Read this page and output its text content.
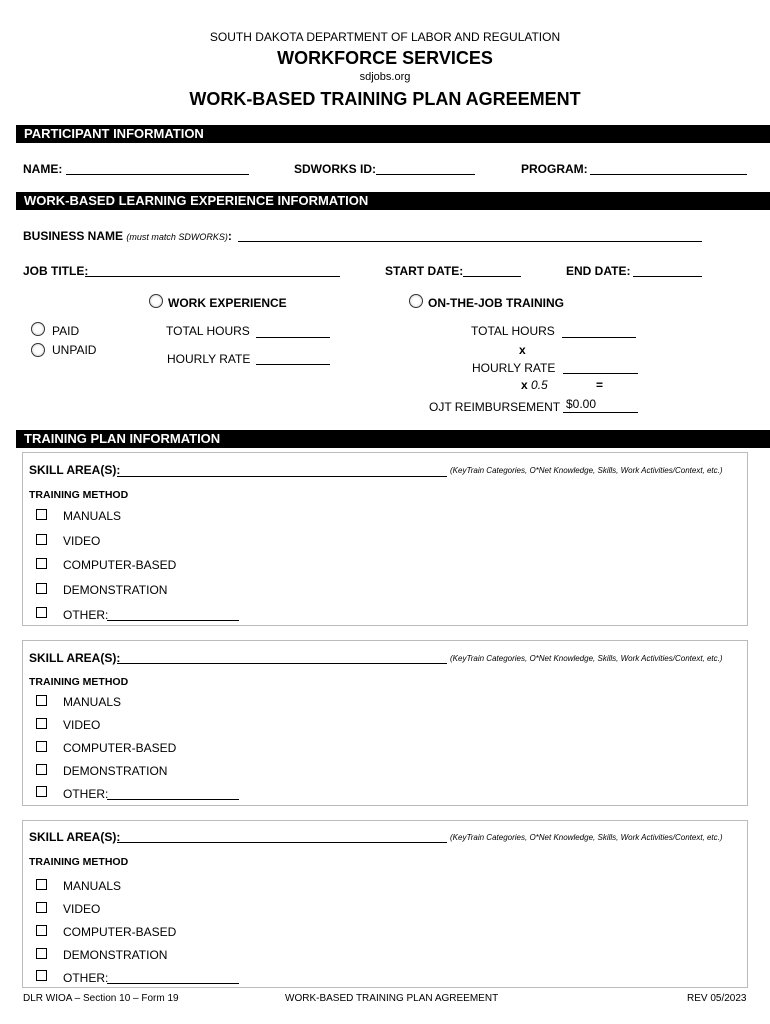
SOUTH DAKOTA DEPARTMENT OF LABOR AND REGULATION
WORKFORCE SERVICES
sdjobs.org
WORK-BASED TRAINING PLAN AGREEMENT
PARTICIPANT INFORMATION
NAME:	SDWORKS ID:	PROGRAM:
WORK-BASED LEARNING EXPERIENCE INFORMATION
BUSINESS NAME (must match SDWORKS):
JOB TITLE:	START DATE:	END DATE:
WORK EXPERIENCE	ON-THE-JOB TRAINING
PAID
UNPAID
TOTAL HOURS
HOURLY RATE
TOTAL HOURS
x
HOURLY RATE
x 0.5	=
OJT REIMBURSEMENT $0.00
TRAINING PLAN INFORMATION
SKILL AREA(S):	(KeyTrain Categories, O*Net Knowledge, Skills, Work Activities/Context, etc.)
TRAINING METHOD
MANUALS
VIDEO
COMPUTER-BASED
DEMONSTRATION
OTHER:
SKILL AREA(S):	(KeyTrain Categories, O*Net Knowledge, Skills, Work Activities/Context, etc.)
TRAINING METHOD
MANUALS
VIDEO
COMPUTER-BASED
DEMONSTRATION
OTHER:
SKILL AREA(S):	(KeyTrain Categories, O*Net Knowledge, Skills, Work Activities/Context, etc.)
TRAINING METHOD
MANUALS
VIDEO
COMPUTER-BASED
DEMONSTRATION
OTHER:
DLR WIOA – Section 10 – Form 19	WORK-BASED TRAINING PLAN AGREEMENT	REV 05/2023
